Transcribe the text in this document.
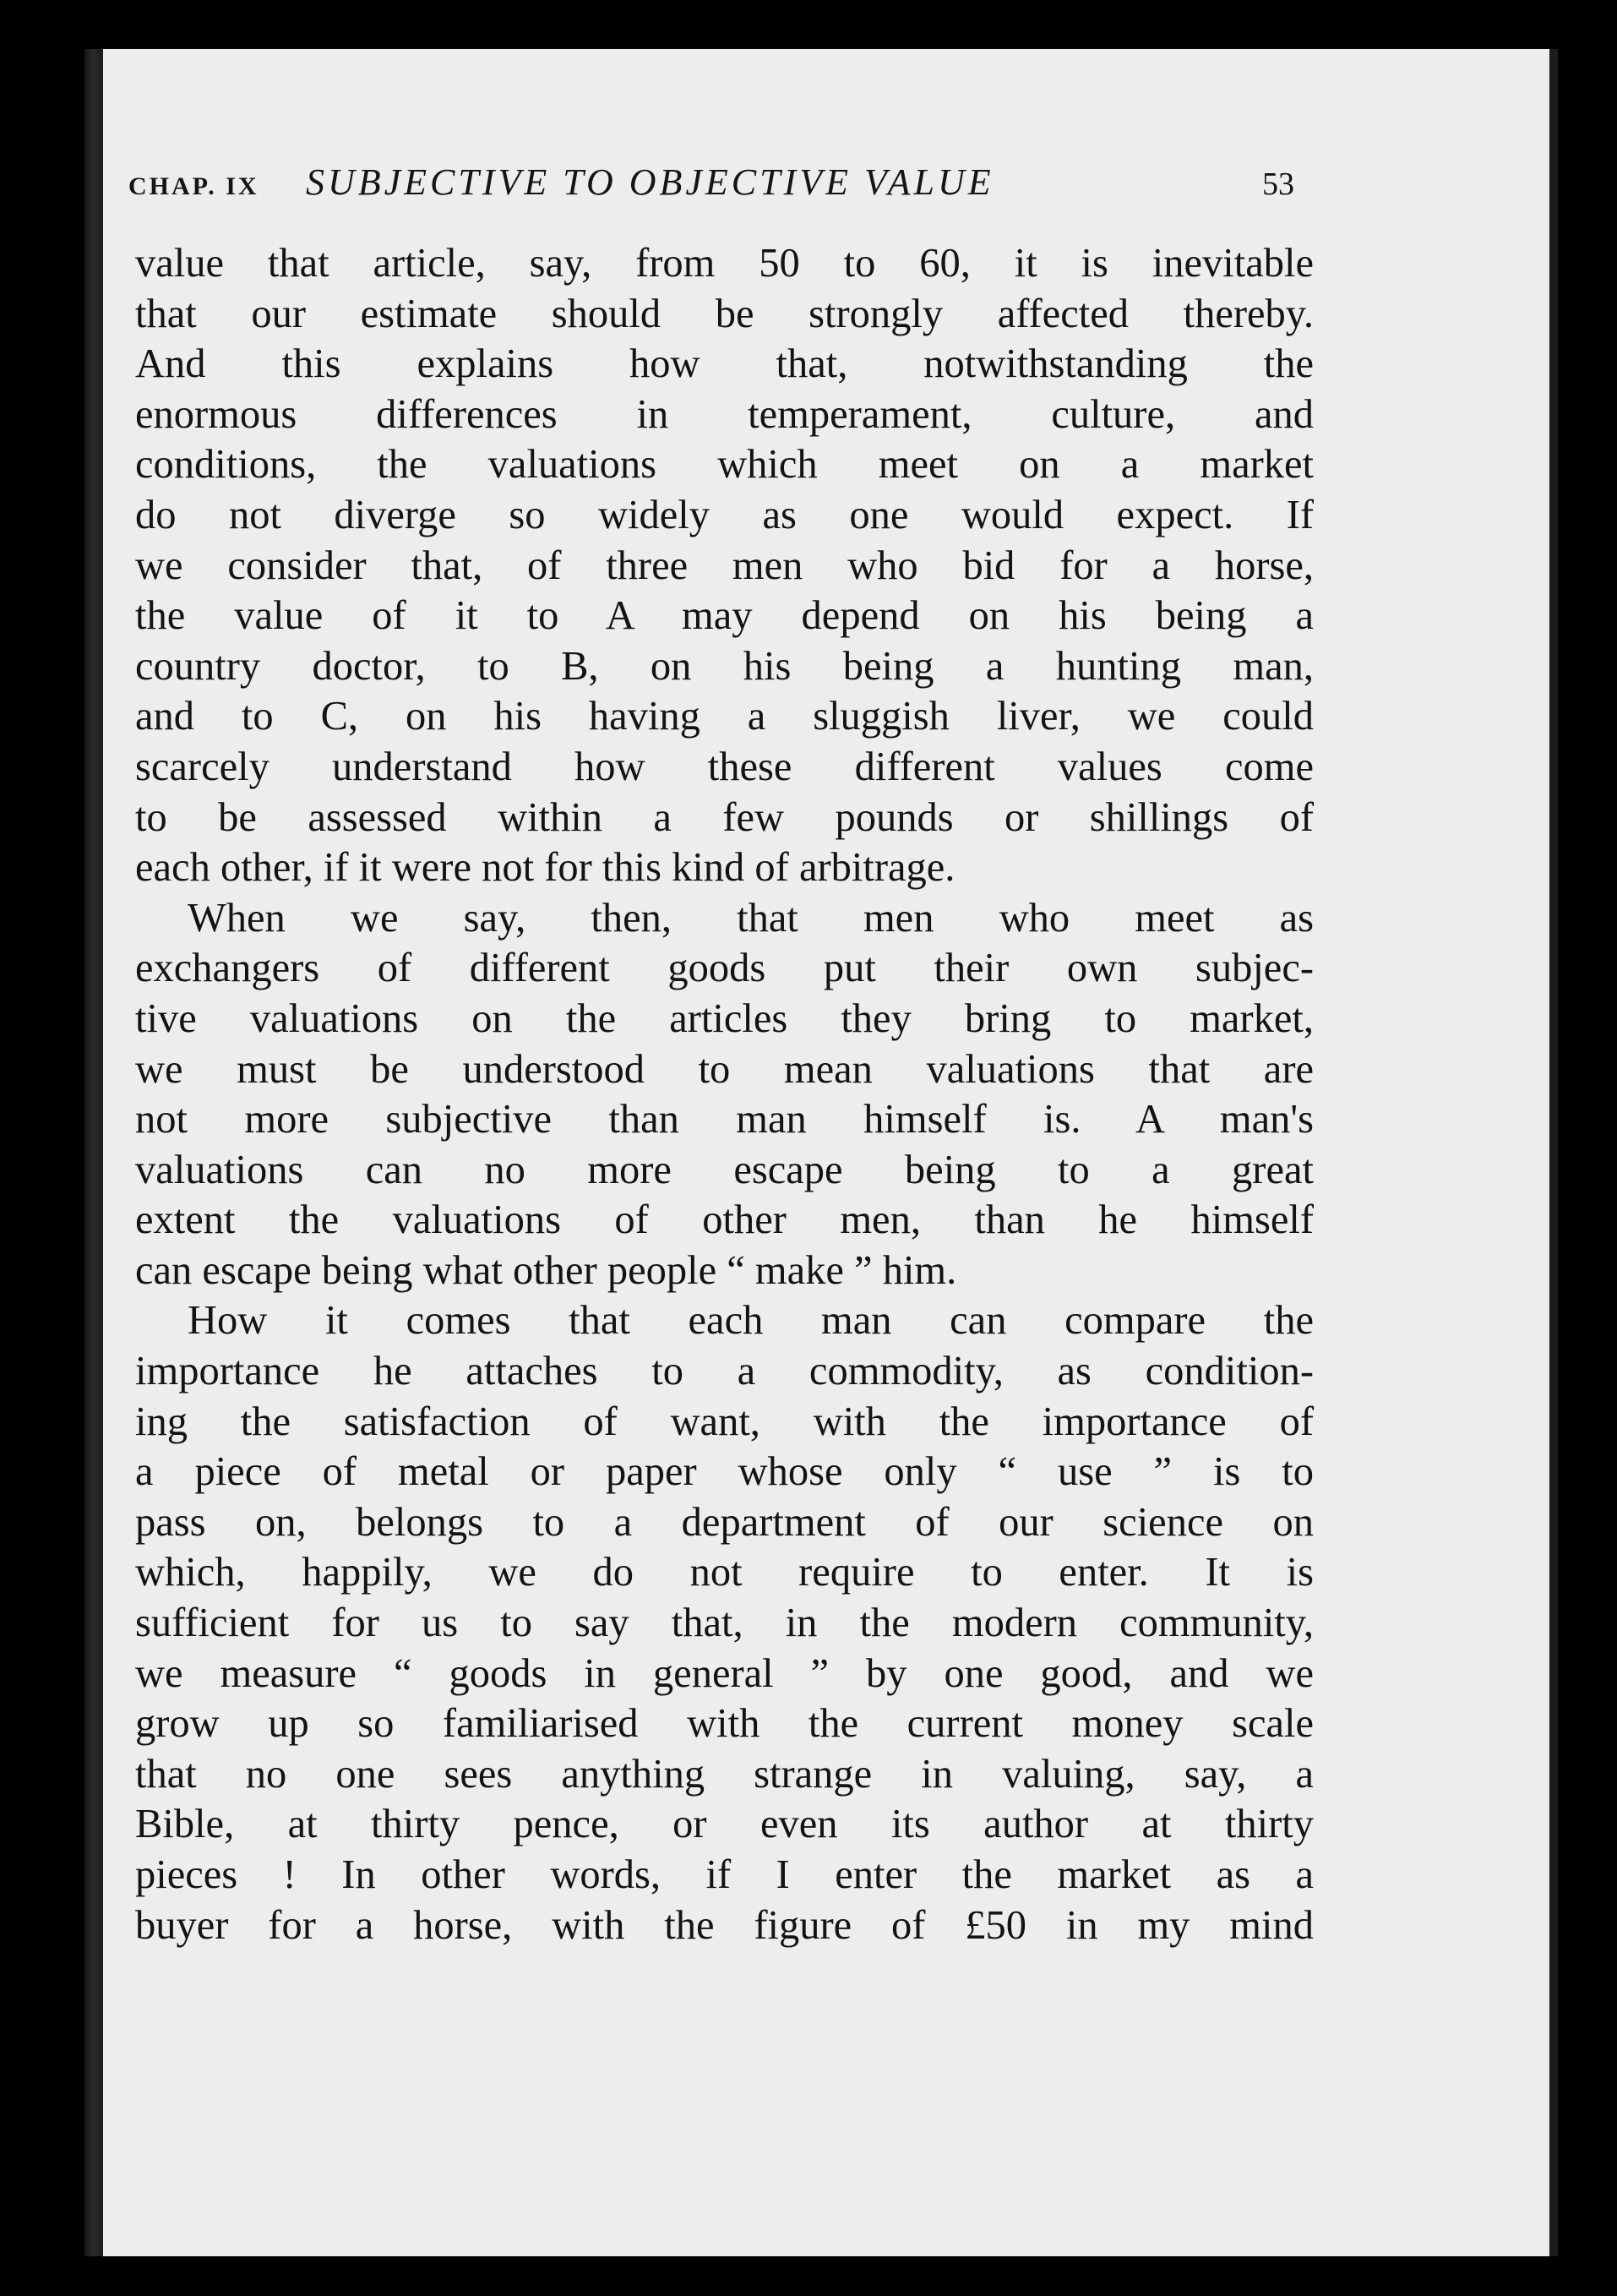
CHAP. IX SUBJECTIVE TO OBJECTIVE VALUE	53
value that article, say, from 50 to 60, it is inevitable
that our estimate should be strongly affected thereby.
And this explains how that, notwithstanding the
enormous differences in temperament, culture, and
conditions, the valuations which meet on a market
do not diverge so widely as one would expect. If
we consider that, of three men who bid for a horse,
the value of it to A may depend on his being a
country doctor, to B, on his being a hunting man,
and to C, on his having a sluggish liver, we could
scarcely understand how these different values come
to be assessed within a few pounds or shillings of
each other, if it were not for this kind of arbitrage.
When we say, then, that men who meet as
exchangers of different goods put their own subjec-
tive valuations on the articles they bring to market,
we must be understood to mean valuations that are
not more subjective than man himself is. A man's
valuations can no more escape being to a great
extent the valuations of other men, than he himself
can escape being what other people “ make ” him.
How it comes that each man can compare the
importance he attaches to a commodity, as condition-
ing the satisfaction of want, with the importance of
a piece of metal or paper whose only “ use ” is to
pass on, belongs to a department of our science on
which, happily, we do not require to enter. It is
sufficient for us to say that, in the modern community,
we measure “ goods in general ” by one good, and we
grow up so familiarised with the current money scale
that no one sees anything strange in valuing, say, a
Bible, at thirty pence, or even its author at thirty
pieces ! In other words, if I enter the market as a
buyer for a horse, with the figure of £50 in my mind
